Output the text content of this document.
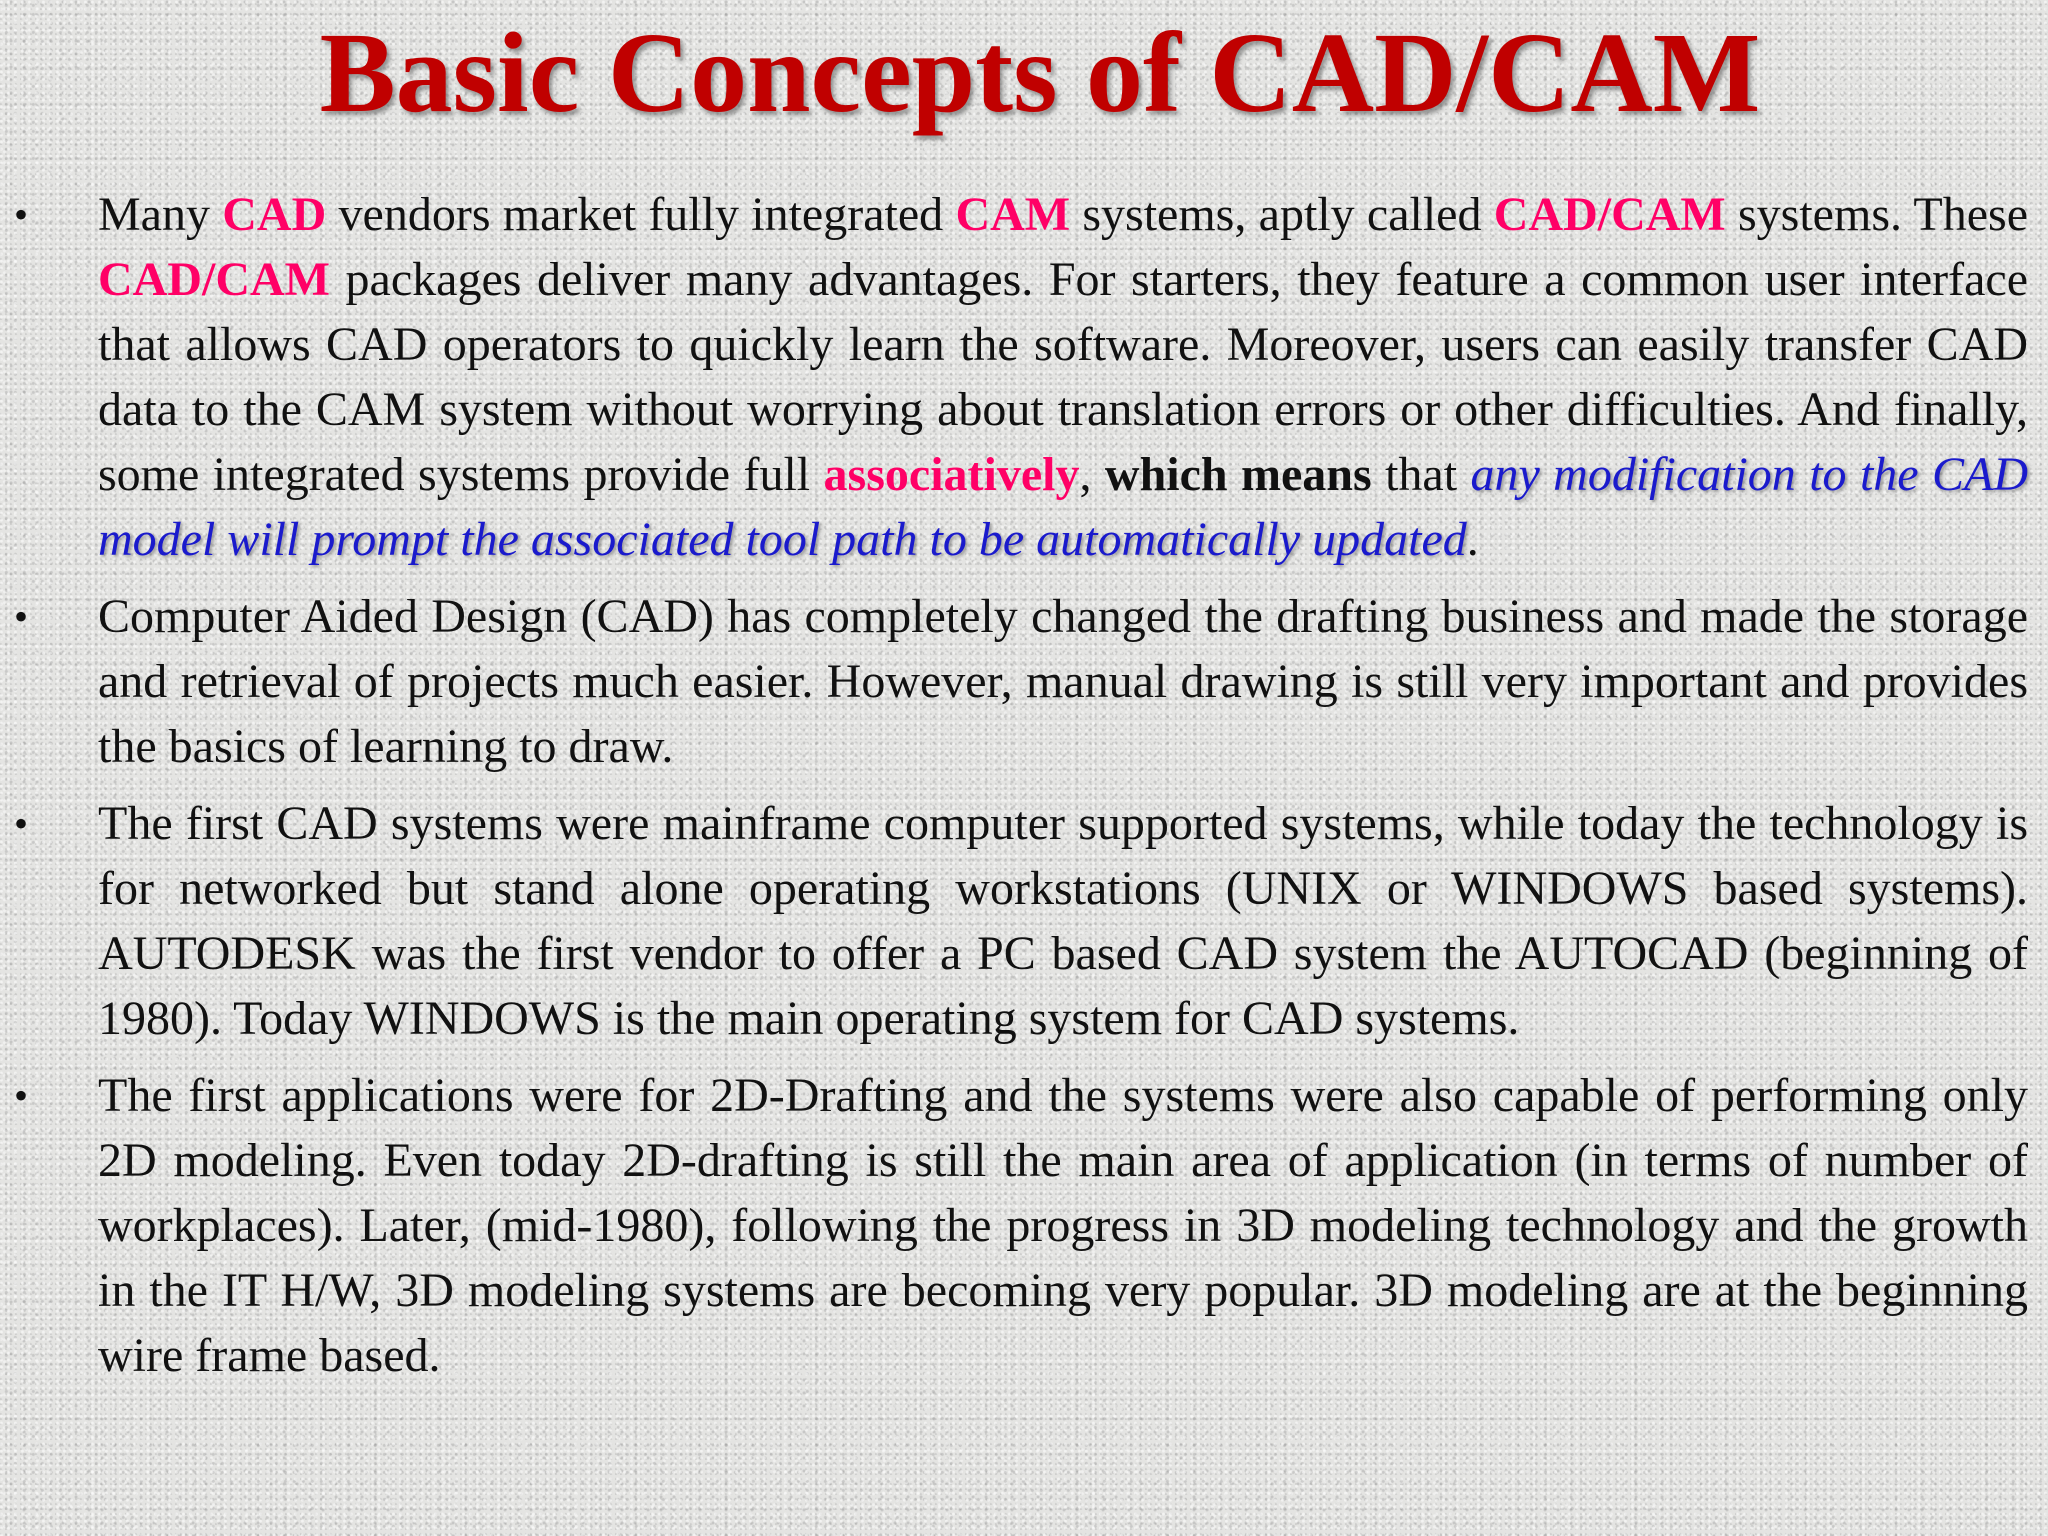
Basic Concepts of CAD/CAM
• Many CAD vendors market fully integrated CAM systems, aptly called CAD/CAM systems. These CAD/CAM packages deliver many advantages. For starters, they feature a common user interface that allows CAD operators to quickly learn the software. Moreover, users can easily transfer CAD data to the CAM system without worrying about translation errors or other difficulties. And finally, some integrated systems provide full associatively, which means that any modification to the CAD model will prompt the associated tool path to be automatically updated.
• Computer Aided Design (CAD) has completely changed the drafting business and made the storage and retrieval of projects much easier. However, manual drawing is still very important and provides the basics of learning to draw.
• The first CAD systems were mainframe computer supported systems, while today the technology is for networked but stand alone operating workstations (UNIX or WINDOWS based systems). AUTODESK was the first vendor to offer a PC based CAD system the AUTOCAD (beginning of 1980). Today WINDOWS is the main operating system for CAD systems.
• The first applications were for 2D-Drafting and the systems were also capable of performing only 2D modeling. Even today 2D-drafting is still the main area of application (in terms of number of workplaces). Later, (mid-1980), following the progress in 3D modeling technology and the growth in the IT H/W, 3D modeling systems are becoming very popular. 3D modeling are at the beginning wire frame based.
